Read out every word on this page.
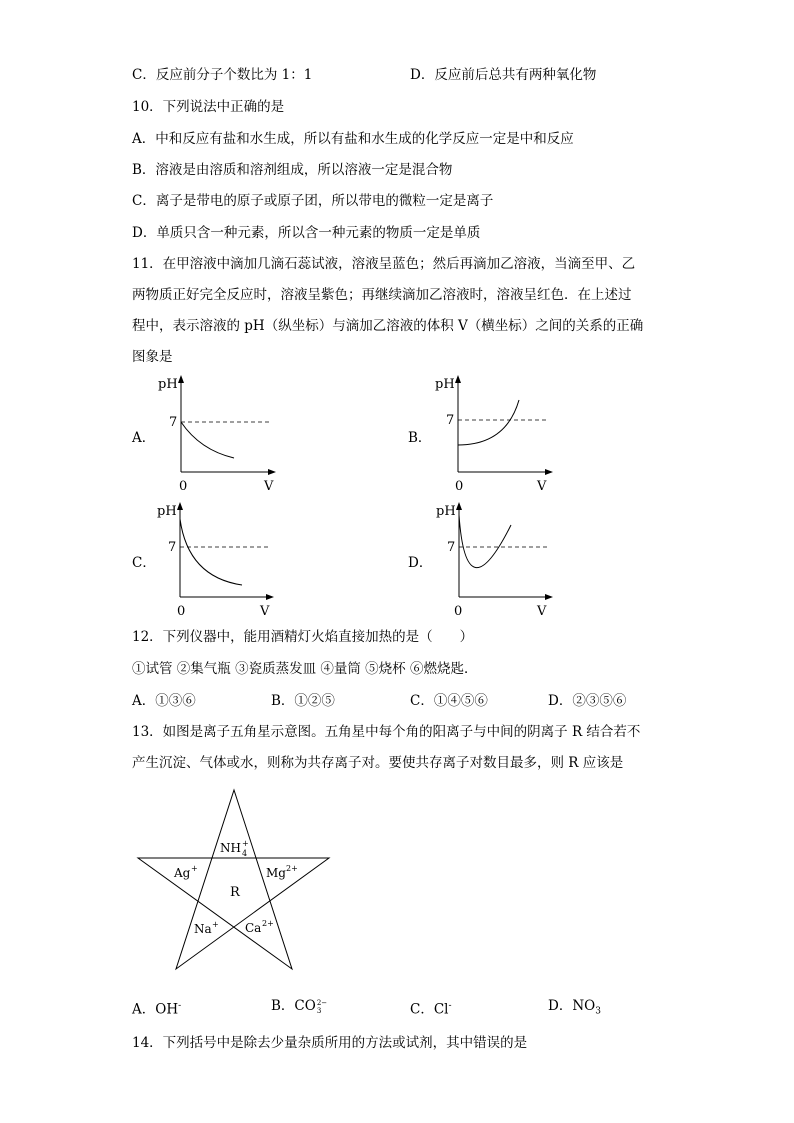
C．反应前分子个数比为 1：1	D．反应前后总共有两种氧化物
10．下列说法中正确的是
A．中和反应有盐和水生成，所以有盐和水生成的化学反应一定是中和反应
B．溶液是由溶质和溶剂组成，所以溶液一定是混合物
C．离子是带电的原子或原子团，所以带电的微粒一定是离子
D．单质只含一种元素，所以含一种元素的物质一定是单质
11．在甲溶液中滴加几滴石蕊试液，溶液呈蓝色；然后再滴加乙溶液，当滴至甲、乙
两物质正好完全反应时，溶液呈紫色；再继续滴加乙溶液时，溶液呈红色．在上述过
程中，表示溶液的 pH（纵坐标）与滴加乙溶液的体积 V（横坐标）之间的关系的正确
图象是
A．
pH
7
0	V
B．
pH
7
0	V
C．
pH
7
0	V
D．
pH
7
0	V
12．下列仪器中，能用酒精灯火焰直接加热的是（　　）
①试管 ②集气瓶 ③瓷质蒸发皿 ④量筒 ⑤烧杯 ⑥燃烧匙．
A．①③⑥	B．①②⑤	C．①④⑤⑥	D．②③⑤⑥
13．如图是离子五角星示意图。五角星中每个角的阳离子与中间的阴离子 R 结合若不
产生沉淀、气体或水，则称为共存离子对。要使共存离子对数目最多，则 R 应该是
NH +
4
Ag +	Mg 2+
R
Na + Ca 2+
A．OH-	B．CO 2−
3	C．Cl-	D．$NO_3$
14．下列括号中是除去少量杂质所用的方法或试剂，其中错误的是
